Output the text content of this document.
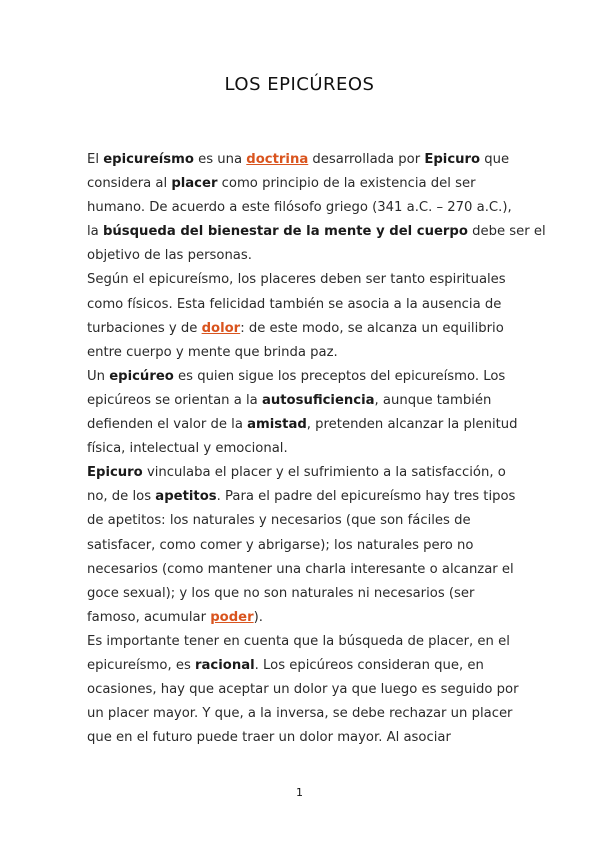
LOS EPICÚREOS
El epicureísmo es una doctrina desarrollada por Epicuro que
considera al placer como principio de la existencia del ser
humano. De acuerdo a este filósofo griego (341 a.C. – 270 a.C.),
la búsqueda del bienestar de la mente y del cuerpo debe ser el
objetivo de las personas.
Según el epicureísmo, los placeres deben ser tanto espirituales
como físicos. Esta felicidad también se asocia a la ausencia de
turbaciones y de dolor: de este modo, se alcanza un equilibrio
entre cuerpo y mente que brinda paz.
Un epicúreo es quien sigue los preceptos del epicureísmo. Los
epicúreos se orientan a la autosuficiencia, aunque también
defienden el valor de la amistad, pretenden alcanzar la plenitud
física, intelectual y emocional.
Epicuro vinculaba el placer y el sufrimiento a la satisfacción, o
no, de los apetitos. Para el padre del epicureísmo hay tres tipos
de apetitos: los naturales y necesarios (que son fáciles de
satisfacer, como comer y abrigarse); los naturales pero no
necesarios (como mantener una charla interesante o alcanzar el
goce sexual); y los que no son naturales ni necesarios (ser
famoso, acumular poder).
Es importante tener en cuenta que la búsqueda de placer, en el
epicureísmo, es racional. Los epicúreos consideran que, en
ocasiones, hay que aceptar un dolor ya que luego es seguido por
un placer mayor. Y que, a la inversa, se debe rechazar un placer
que en el futuro puede traer un dolor mayor. Al asociar
1
